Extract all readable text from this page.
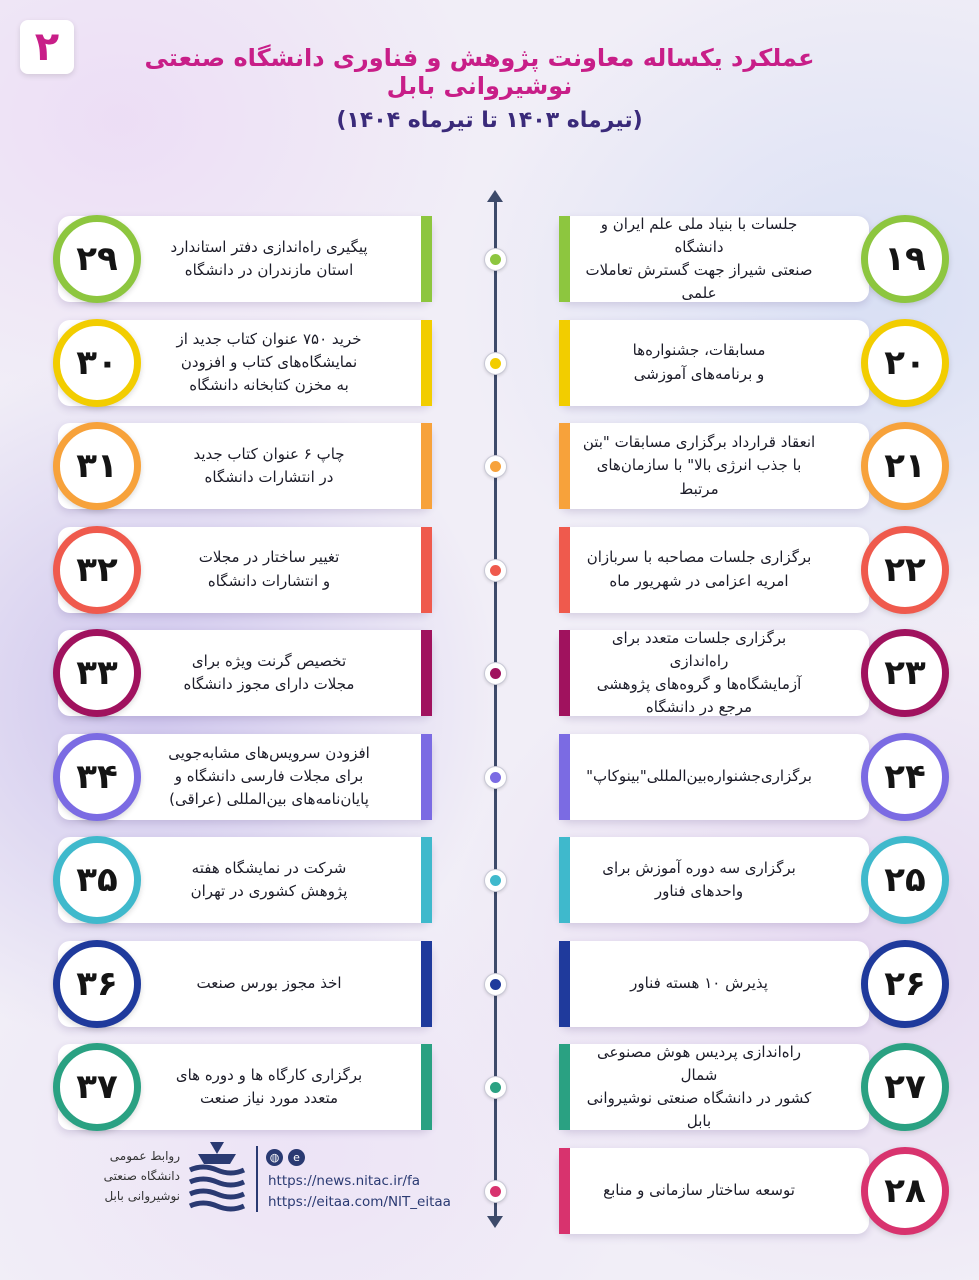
۲	عملکرد یکساله معاونت پژوهش و فناوری دانشگاه صنعتی نوشیروانی بابل
(تیرماه ۱۴۰۳ تا تیرماه ۱۴۰۴)
پیگیری راه‌اندازی دفتر استاندارد
استان مازندران در دانشگاه
۲۹
خرید ۷۵۰ عنوان کتاب جدید از
نمایشگاه‌های کتاب و افزودن
به مخزن کتابخانه دانشگاه
۳۰
چاپ ۶ عنوان کتاب جدید
در انتشارات دانشگاه
۳۱
تغییر ساختار در مجلات
و انتشارات دانشگاه
۳۲
تخصیص گرنت ویژه برای
مجلات دارای مجوز دانشگاه
۳۳
افزودن سرویس‌های مشابه‌جویی
برای مجلات فارسی دانشگاه و
پایان‌نامه‌های بین‌المللی (عراقی)
۳۴
شرکت در نمایشگاه هفته
پژوهش کشوری در تهران
۳۵
اخذ مجوز بورس صنعت
۳۶
برگزاری کارگاه ها و دوره های
متعدد مورد نیاز صنعت
۳۷
جلسات با بنیاد ملی علم ایران و دانشگاه
صنعتی شیراز جهت گسترش تعاملات علمی
۱۹
مسابقات، جشنواره‌ها
و برنامه‌های آموزشی	۲۰
انعقاد قرارداد برگزاری مسابقات "بتن
با جذب انرژی بالا" با سازمان‌های مرتبط
۲۱
برگزاری جلسات مصاحبه با سربازان
امریه اعزامی در شهریور ماه	۲۲
برگزاری جلسات متعدد برای راه‌اندازی
آزمایشگاه‌ها و گروه‌های پژوهشی
مرجع در دانشگاه
۲۳
برگزاری‌جشنواره‌بین‌المللی"بینوکاپ"	۲۴
برگزاری سه دوره آموزش برای
واحدهای فناور	۲۵
پذیرش ۱۰ هسته فناور	۲۶
راه‌اندازی پردیس هوش مصنوعی شمال
کشور در دانشگاه صنعتی نوشیروانی بابل
۲۷
توسعه ساختار سازمانی و منابع	۲۸
روابط عمومی
دانشگاه صنعتی
نوشیروانی بابل
◍	e
https://news.nitac.ir/fa
https://eitaa.com/NIT_eitaa
